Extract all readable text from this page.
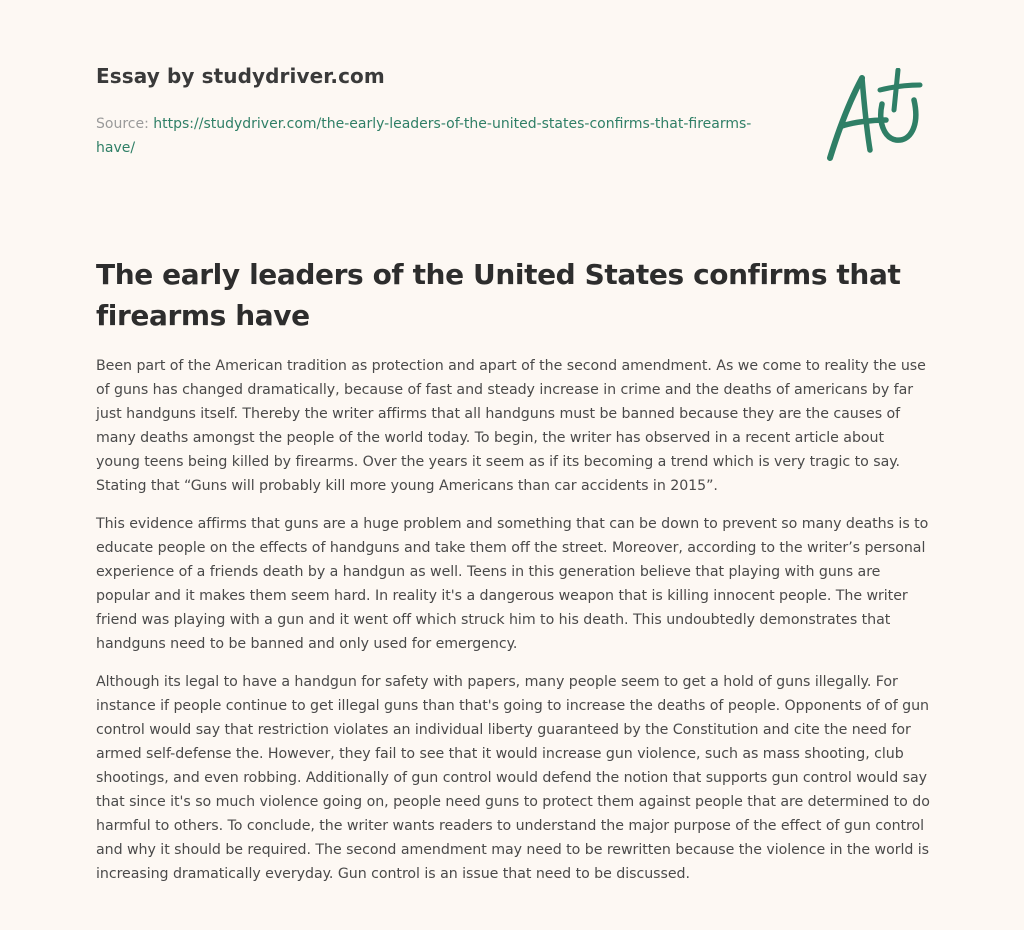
Essay by studydriver.com
Source: https://studydriver.com/the-early-leaders-of-the-united-states-confirms-that-firearms-have/
The early leaders of the United States confirms that firearms have

Been part of the American tradition as protection and apart of the second amendment. As we come to reality the use of guns has changed dramatically, because of fast and steady increase in crime and the deaths of americans by far just handguns itself. Thereby the writer affirms that all handguns must be banned because they are the causes of many deaths amongst the people of the world today. To begin, the writer has observed in a recent article about young teens being killed by firearms. Over the years it seem as if its becoming a trend which is very tragic to say. Stating that “Guns will probably kill more young Americans than car accidents in 2015”.

This evidence affirms that guns are a huge problem and something that can be down to prevent so many deaths is to educate people on the effects of handguns and take them off the street. Moreover, according to the writer’s personal experience of a friends death by a handgun as well. Teens in this generation believe that playing with guns are popular and it makes them seem hard. In reality it's a dangerous weapon that is killing innocent people. The writer friend was playing with a gun and it went off which struck him to his death. This undoubtedly demonstrates that handguns need to be banned and only used for emergency.

Although its legal to have a handgun for safety with papers, many people seem to get a hold of guns illegally. For instance if people continue to get illegal guns than that's going to increase the deaths of people. Opponents of of gun control would say that restriction violates an individual liberty guaranteed by the Constitution and cite the need for armed self-defense the. However, they fail to see that it would increase gun violence, such as mass shooting, club shootings, and even robbing. Additionally of gun control would defend the notion that supports gun control would say that since it's so much violence going on, people need guns to protect them against people that are determined to do harmful to others. To conclude, the writer wants readers to understand the major purpose of the effect of gun control and why it should be required. The second amendment may need to be rewritten because the violence in the world is increasing dramatically everyday. Gun control is an issue that need to be discussed.
